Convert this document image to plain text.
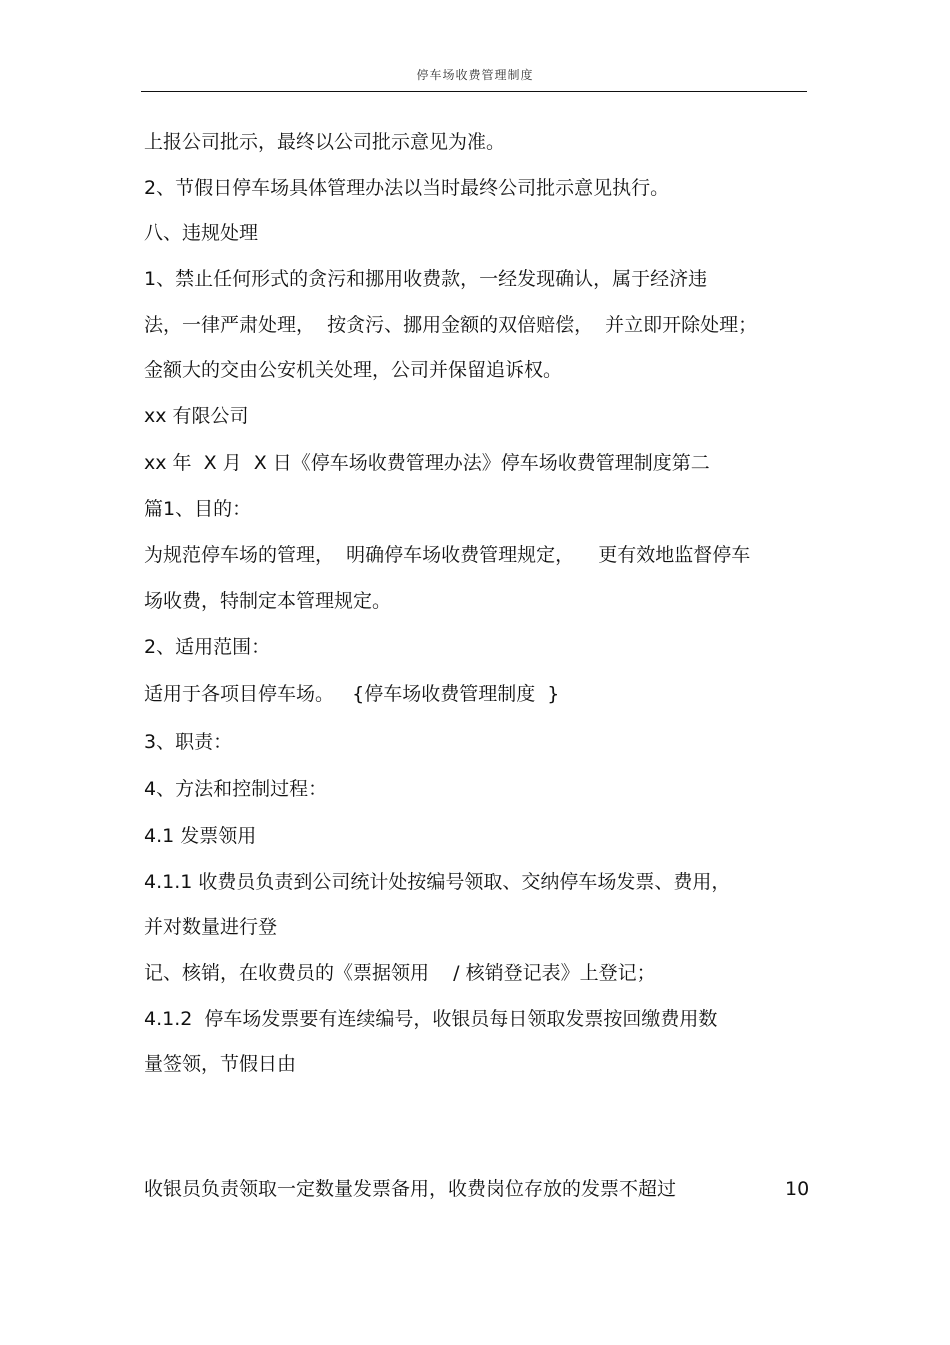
停车场收费管理制度
上报公司批示，最终以公司批示意见为准。
2、节假日停车场具体管理办法以当时最终公司批示意见执行。
八、违规处理
1、禁止任何形式的贪污和挪用收费款，一经发现确认，属于经济违
法，一律严肃处理，  按贪污、挪用金额的双倍赔偿，  并立即开除处理；
金额大的交由公安机关处理，公司并保留追诉权。
xx 有限公司
xx 年  X 月  X 日《停车场收费管理办法》停车场收费管理制度第二
篇1、目的：
为规范停车场的管理，  明确停车场收费管理规定，    更有效地监督停车
场收费，特制定本管理规定。
2、适用范围：
适用于各项目停车场。   {停车场收费管理制度  }
3、职责：
4、方法和控制过程：
4.1 发票领用
4.1.1 收费员负责到公司统计处按编号领取、交纳停车场发票、费用，
并对数量进行登
记、核销，在收费员的《票据领用    / 核销登记表》上登记；
4.1.2  停车场发票要有连续编号，收银员每日领取发票按回缴费用数
量签领，节假日由
收银员负责领取一定数量发票备用，收费岗位存放的发票不超过	10
